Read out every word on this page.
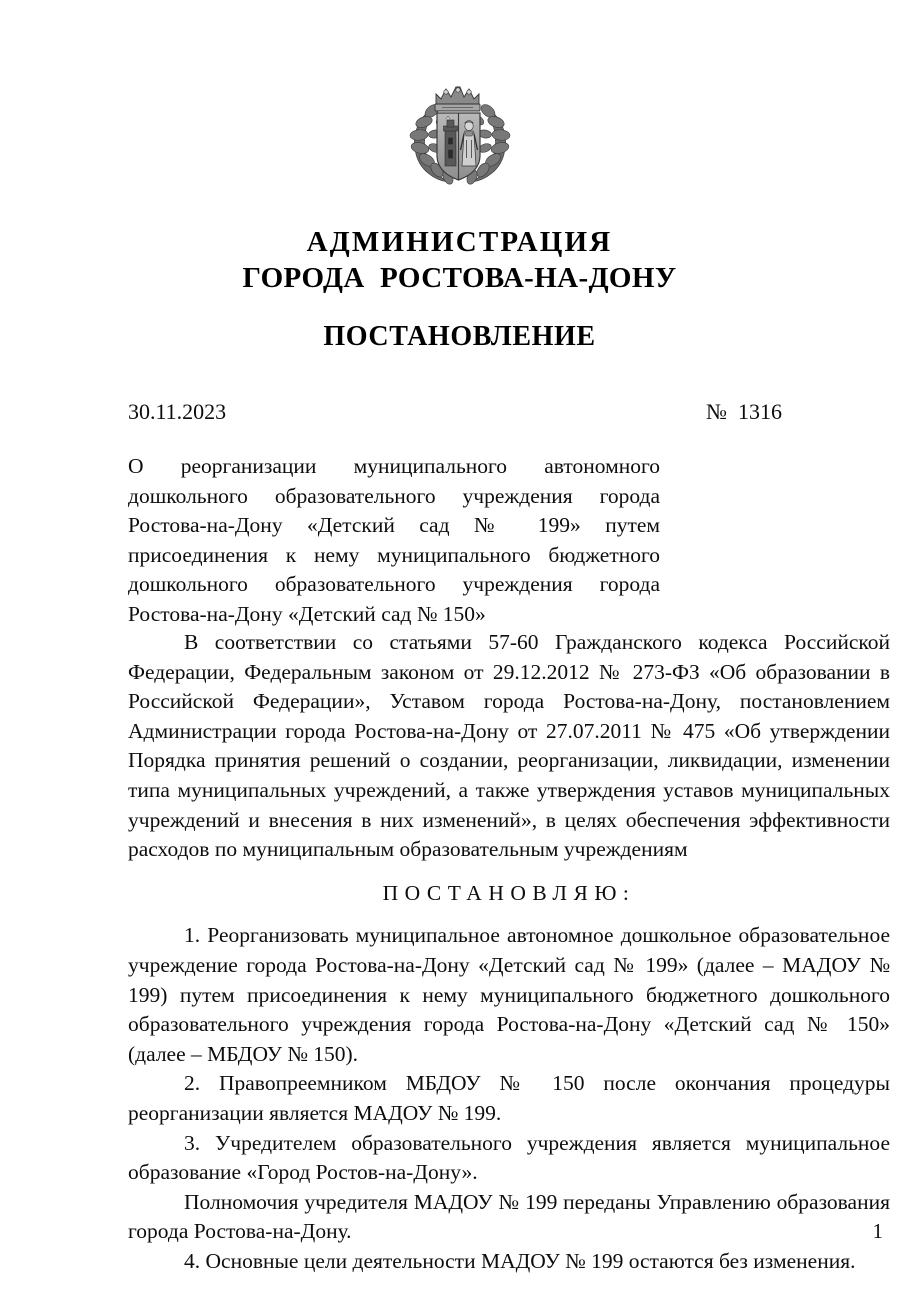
АДМИНИСТРАЦИЯ
ГОРОДА  РОСТОВА-НА-ДОНУ
ПОСТАНОВЛЕНИЕ
30.11.2023	№  1316

О реорганизации муниципального автономного дошкольного образовательного учреждения города Ростова-на-Дону «Детский сад № 199» путем присоединения к нему муниципального бюджетного дошкольного образовательного учреждения города Ростова-на-Дону «Детский сад № 150»

В соответствии со статьями 57-60 Гражданского кодекса Российской Федерации, Федеральным законом от 29.12.2012 № 273-ФЗ «Об образовании в Российской Федерации», Уставом города Ростова-на-Дону, постановлением Администрации города Ростова-на-Дону от 27.07.2011 № 475 «Об утверждении Порядка принятия решений о создании, реорганизации, ликвидации, изменении типа муниципальных учреждений, а также утверждения уставов муниципальных учреждений и внесения в них изменений», в целях обеспечения эффективности расходов по муниципальным образовательным учреждениям

ПОСТАНОВЛЯЮ:

1. Реорганизовать муниципальное автономное дошкольное образовательное учреждение города Ростова-на-Дону «Детский сад № 199» (далее – МАДОУ № 199) путем присоединения к нему муниципального бюджетного дошкольного образовательного учреждения города Ростова-на-Дону «Детский сад № 150» (далее – МБДОУ № 150).

2. Правопреемником МБДОУ № 150 после окончания процедуры реорганизации является МАДОУ № 199.

3. Учредителем образовательного учреждения является муниципальное образование «Город Ростов-на-Дону».

Полномочия учредителя МАДОУ № 199 переданы Управлению образования города Ростова-на-Дону.

4. Основные цели деятельности МАДОУ № 199 остаются без изменения.

1
